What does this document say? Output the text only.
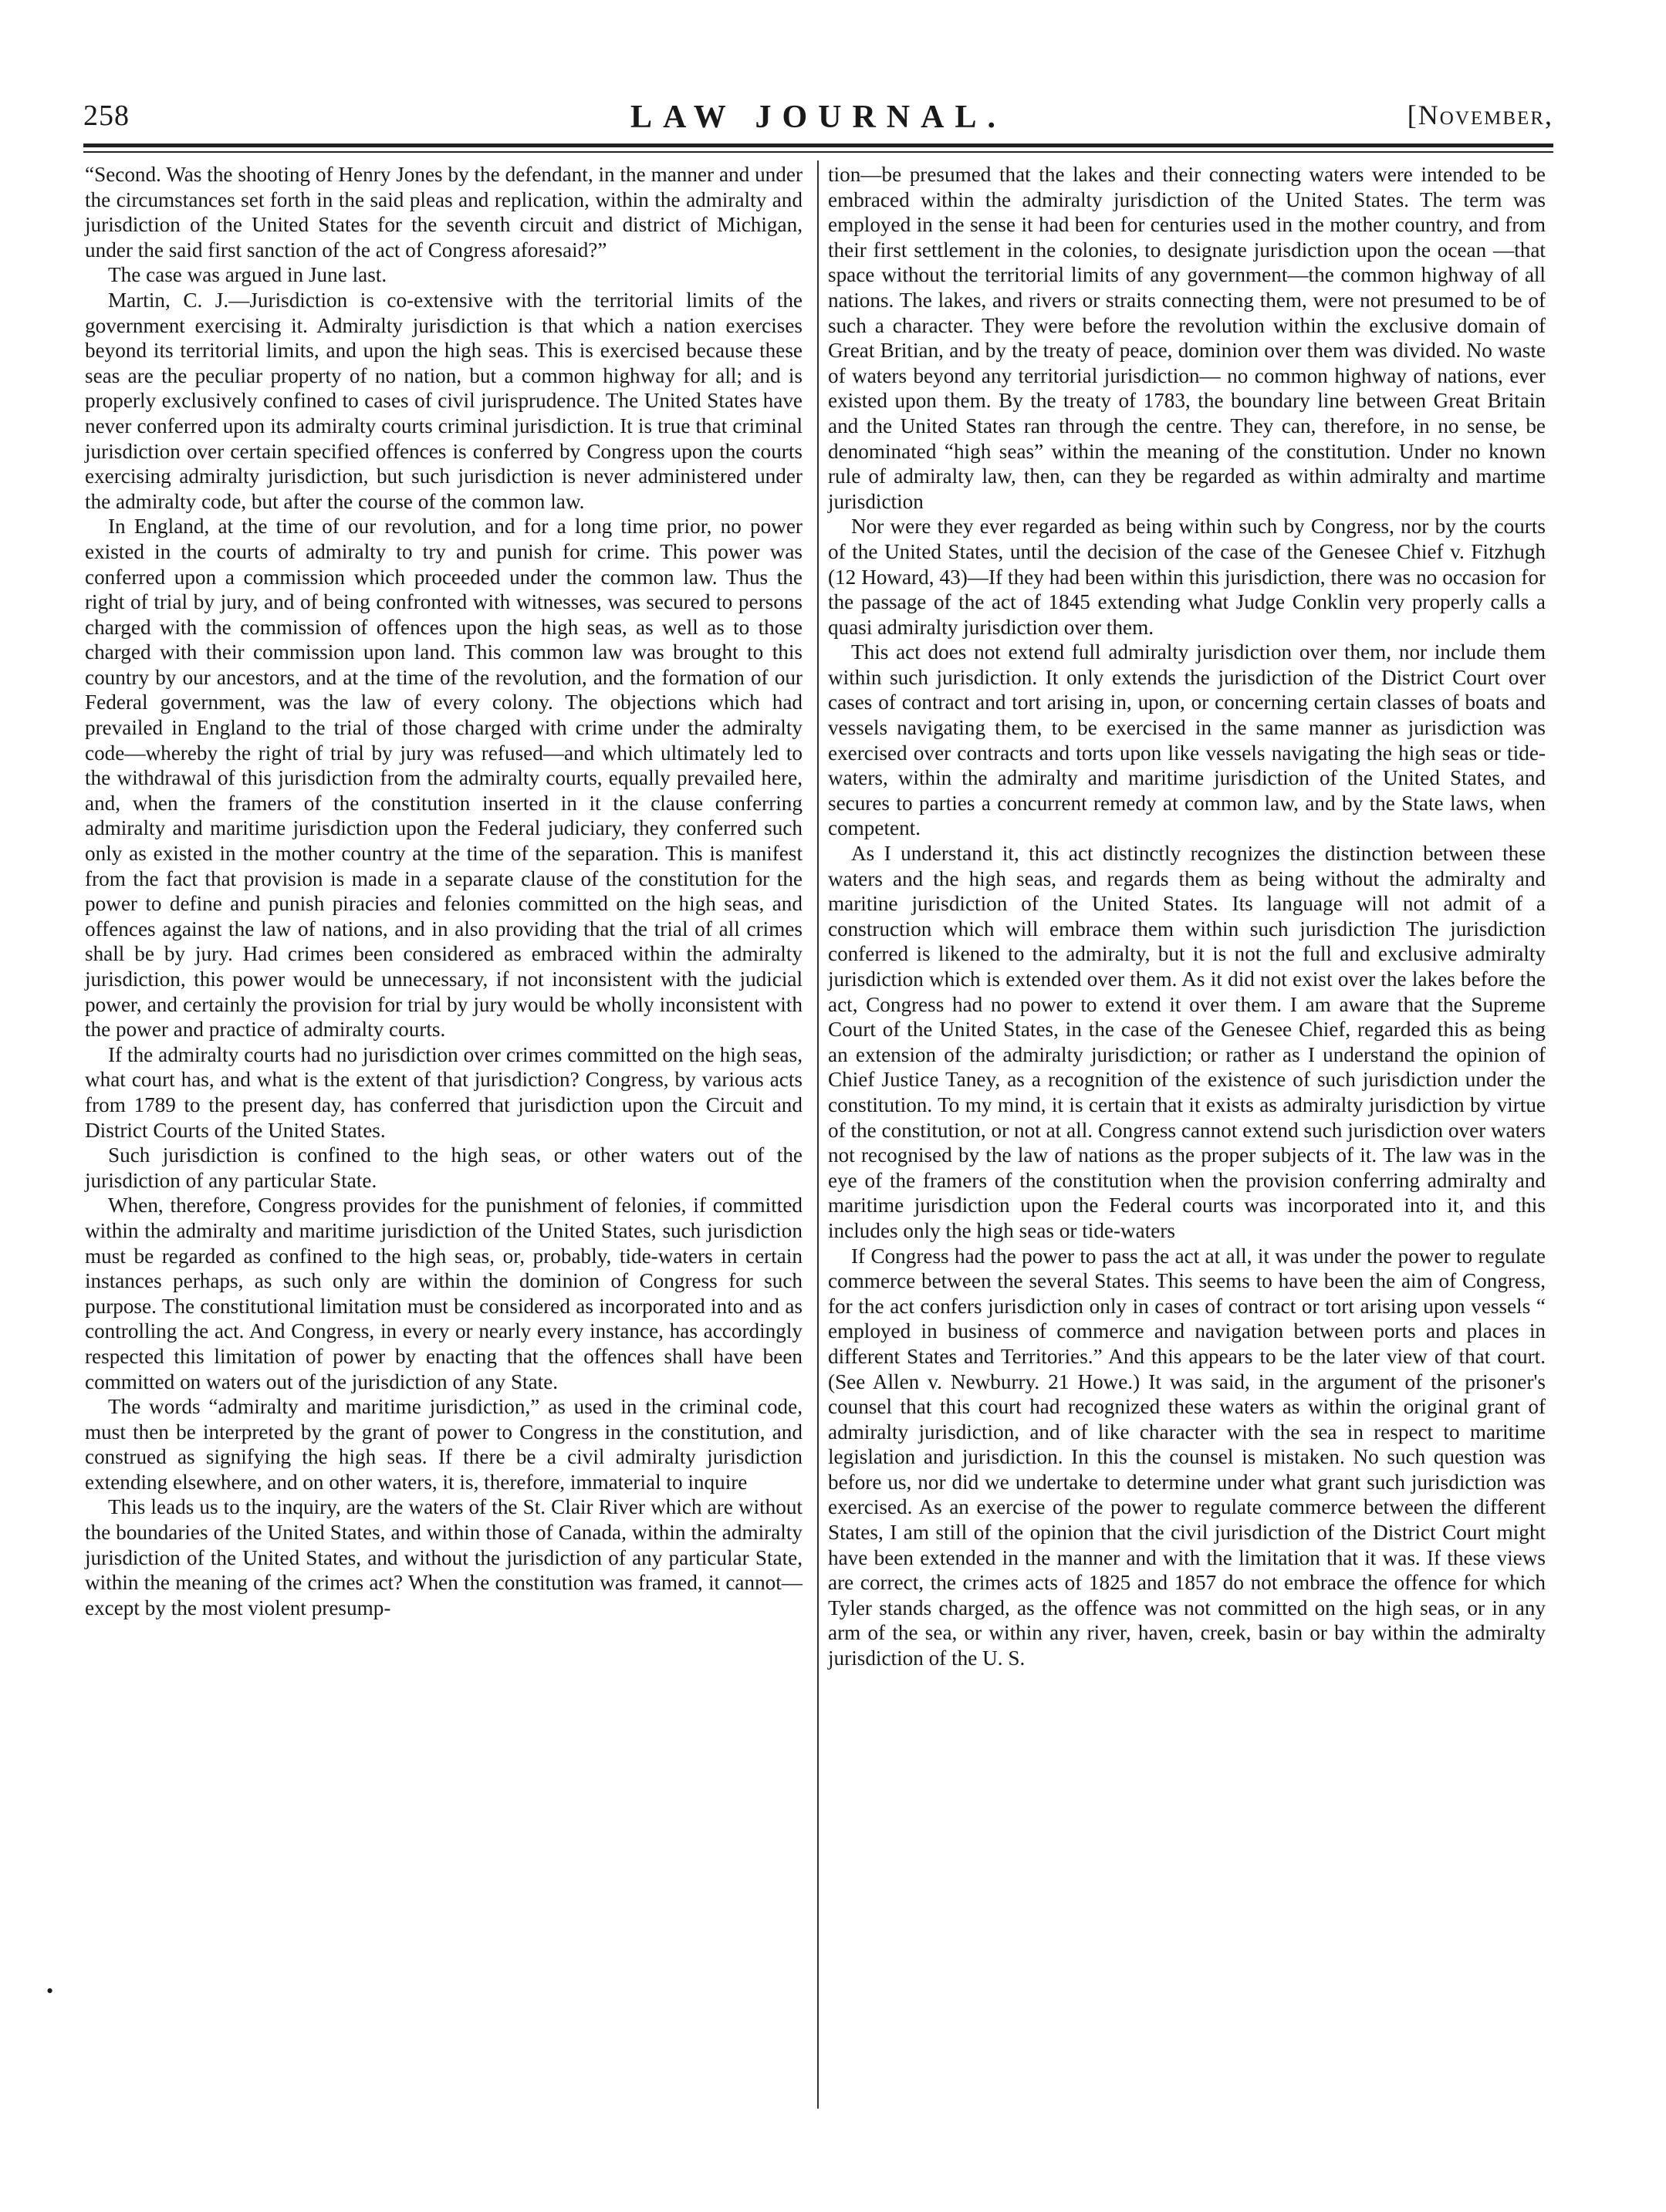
258	LAW JOURNAL.	[November,

“Second. Was the shooting of Henry Jones by the defendant, in the manner and under the circumstances set forth in the said pleas and replication, within the admiralty and jurisdiction of the United States for the seventh circuit and district of Michigan, under the said first sanction of the act of Congress aforesaid?”

The case was argued in June last.

Martin, C. J.—Jurisdiction is co-extensive with the territorial limits of the government exercising it. Admiralty jurisdiction is that which a nation exercises beyond its territorial limits, and upon the high seas. This is exercised because these seas are the peculiar property of no nation, but a common highway for all; and is properly exclusively confined to cases of civil jurisprudence. The United States have never conferred upon its admiralty courts criminal jurisdiction. It is true that criminal jurisdiction over certain specified offences is conferred by Congress upon the courts exercising admiralty jurisdiction, but such jurisdiction is never administered under the admiralty code, but after the course of the common law.

In England, at the time of our revolution, and for a long time prior, no power existed in the courts of admiralty to try and punish for crime. This power was conferred upon a commission which proceeded under the common law. Thus the right of trial by jury, and of being confronted with witnesses, was secured to persons charged with the commission of offences upon the high seas, as well as to those charged with their commission upon land. This common law was brought to this country by our ancestors, and at the time of the revolution, and the formation of our Federal government, was the law of every colony. The objections which had prevailed in England to the trial of those charged with crime under the admiralty code—whereby the right of trial by jury was refused—and which ultimately led to the withdrawal of this jurisdiction from the admiralty courts, equally prevailed here, and, when the framers of the constitution inserted in it the clause conferring admiralty and maritime jurisdiction upon the Federal judiciary, they conferred such only as existed in the mother country at the time of the separation. This is manifest from the fact that provision is made in a separate clause of the constitution for the power to define and punish piracies and felonies committed on the high seas, and offences against the law of nations, and in also providing that the trial of all crimes shall be by jury. Had crimes been considered as embraced within the admiralty jurisdiction, this power would be unnecessary, if not inconsistent with the judicial power, and certainly the provision for trial by jury would be wholly inconsistent with the power and practice of admiralty courts.

If the admiralty courts had no jurisdiction over crimes committed on the high seas, what court has, and what is the extent of that jurisdiction? Congress, by various acts from 1789 to the present day, has conferred that jurisdiction upon the Circuit and District Courts of the United States.

Such jurisdiction is confined to the high seas, or other waters out of the jurisdiction of any particular State.

When, therefore, Congress provides for the punishment of felonies, if committed within the admiralty and maritime jurisdiction of the United States, such jurisdiction must be regarded as confined to the high seas, or, probably, tide-waters in certain instances perhaps, as such only are within the dominion of Congress for such purpose. The constitutional limitation must be considered as incorporated into and as controlling the act. And Congress, in every or nearly every instance, has accordingly respected this limitation of power by enacting that the offences shall have been committed on waters out of the jurisdiction of any State.

The words “admiralty and maritime jurisdiction,” as used in the criminal code, must then be interpreted by the grant of power to Congress in the constitution, and construed as signifying the high seas. If there be a civil admiralty jurisdiction extending elsewhere, and on other waters, it is, therefore, immaterial to inquire

This leads us to the inquiry, are the waters of the St. Clair River which are without the boundaries of the United States, and within those of Canada, within the admiralty jurisdiction of the United States, and without the jurisdiction of any particular State, within the meaning of the crimes act? When the constitution was framed, it cannot—except by the most violent presump-

tion—be presumed that the lakes and their connecting waters were intended to be embraced within the admiralty jurisdiction of the United States. The term was employed in the sense it had been for centuries used in the mother country, and from their first settlement in the colonies, to designate jurisdiction upon the ocean —that space without the territorial limits of any government—the common highway of all nations. The lakes, and rivers or straits connecting them, were not presumed to be of such a character. They were before the revolution within the exclusive domain of Great Britian, and by the treaty of peace, dominion over them was divided. No waste of waters beyond any territorial jurisdiction— no common highway of nations, ever existed upon them. By the treaty of 1783, the boundary line between Great Britain and the United States ran through the centre. They can, therefore, in no sense, be denominated “high seas” within the meaning of the constitution. Under no known rule of admiralty law, then, can they be regarded as within admiralty and martime jurisdiction

Nor were they ever regarded as being within such by Congress, nor by the courts of the United States, until the decision of the case of the Genesee Chief v. Fitzhugh (12 Howard, 43)—If they had been within this jurisdiction, there was no occasion for the passage of the act of 1845 extending what Judge Conklin very properly calls a quasi admiralty jurisdiction over them.

This act does not extend full admiralty jurisdiction over them, nor include them within such jurisdiction. It only extends the jurisdiction of the District Court over cases of contract and tort arising in, upon, or concerning certain classes of boats and vessels navigating them, to be exercised in the same manner as jurisdiction was exercised over contracts and torts upon like vessels navigating the high seas or tide-waters, within the admiralty and maritime jurisdiction of the United States, and secures to parties a concurrent remedy at common law, and by the State laws, when competent.

As I understand it, this act distinctly recognizes the distinction between these waters and the high seas, and regards them as being without the admiralty and maritine jurisdiction of the United States. Its language will not admit of a construction which will embrace them within such jurisdiction The jurisdiction conferred is likened to the admiralty, but it is not the full and exclusive admiralty jurisdiction which is extended over them. As it did not exist over the lakes before the act, Congress had no power to extend it over them. I am aware that the Supreme Court of the United States, in the case of the Genesee Chief, regarded this as being an extension of the admiralty jurisdiction; or rather as I understand the opinion of Chief Justice Taney, as a recognition of the existence of such jurisdiction under the constitution. To my mind, it is certain that it exists as admiralty jurisdiction by virtue of the constitution, or not at all. Congress cannot extend such jurisdiction over waters not recognised by the law of nations as the proper subjects of it. The law was in the eye of the framers of the constitution when the provision conferring admiralty and maritime jurisdiction upon the Federal courts was incorporated into it, and this includes only the high seas or tide-waters

If Congress had the power to pass the act at all, it was under the power to regulate commerce between the several States. This seems to have been the aim of Congress, for the act confers jurisdiction only in cases of contract or tort arising upon vessels “ employed in business of commerce and navigation between ports and places in different States and Territories.” And this appears to be the later view of that court. (See Allen v. Newburry. 21 Howe.) It was said, in the argument of the prisoner's counsel that this court had recognized these waters as within the original grant of admiralty jurisdiction, and of like character with the sea in respect to maritime legislation and jurisdiction. In this the counsel is mistaken. No such question was before us, nor did we undertake to determine under what grant such jurisdiction was exercised. As an exercise of the power to regulate commerce between the different States, I am still of the opinion that the civil jurisdiction of the District Court might have been extended in the manner and with the limitation that it was. If these views are correct, the crimes acts of 1825 and 1857 do not embrace the offence for which Tyler stands charged, as the offence was not committed on the high seas, or in any arm of the sea, or within any river, haven, creek, basin or bay within the admiralty jurisdiction of the U. S.

•
